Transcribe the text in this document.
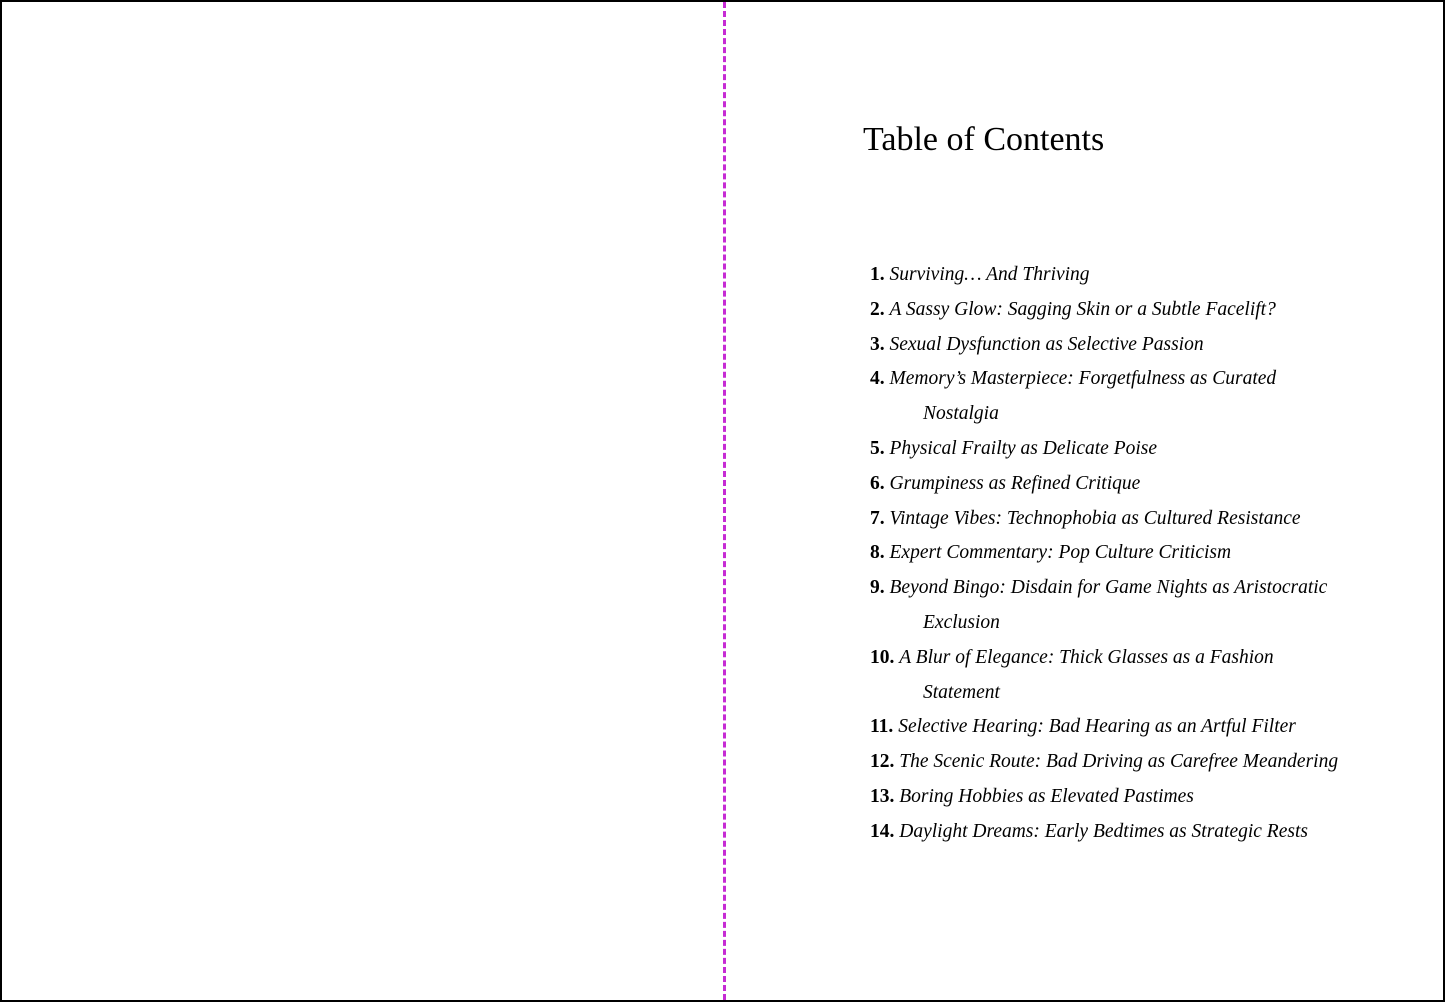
Table of Contents
1. Surviving… And Thriving
2. A Sassy Glow: Sagging Skin or a Subtle Facelift?
3. Sexual Dysfunction as Selective Passion
4. Memory’s Masterpiece: Forgetfulness as Curated Nostalgia
5. Physical Frailty as Delicate Poise
6. Grumpiness as Refined Critique
7. Vintage Vibes: Technophobia as Cultured Resistance
8. Expert Commentary: Pop Culture Criticism
9. Beyond Bingo: Disdain for Game Nights as Aristocratic Exclusion
10. A Blur of Elegance: Thick Glasses as a Fashion Statement
11. Selective Hearing: Bad Hearing as an Artful Filter
12. The Scenic Route: Bad Driving as Carefree Meandering
13. Boring Hobbies as Elevated Pastimes
14. Daylight Dreams: Early Bedtimes as Strategic Rests
